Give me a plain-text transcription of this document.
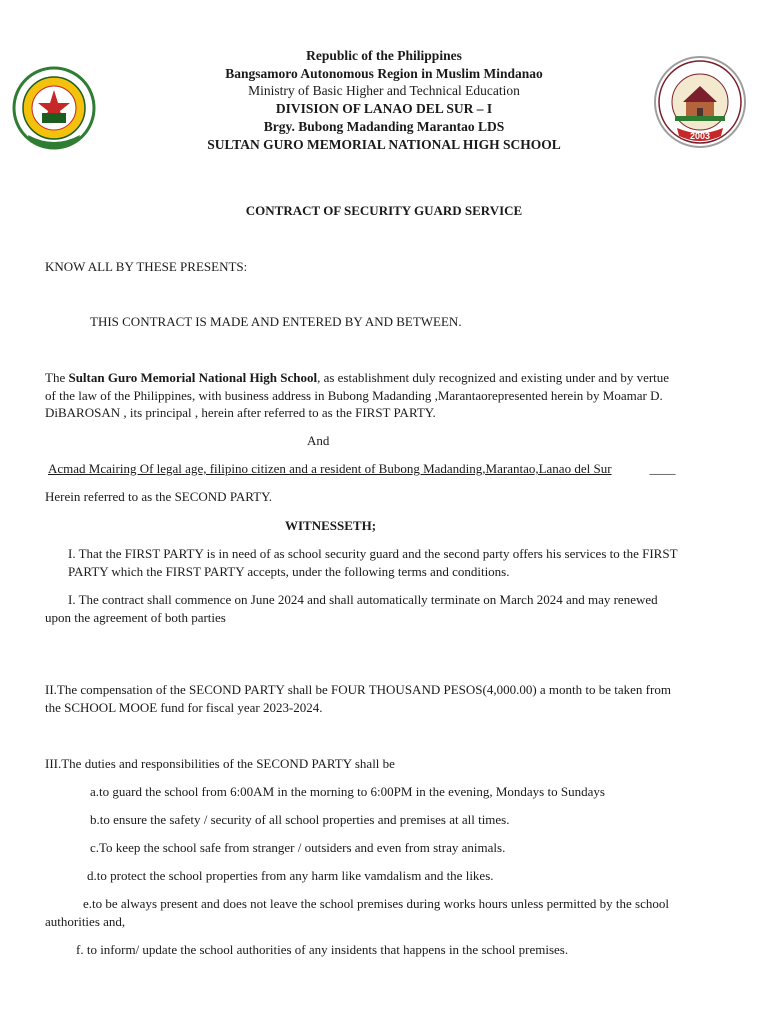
2003
Republic of the Philippines
Bangsamoro Autonomous Region in Muslim Mindanao
Ministry of Basic Higher and Technical Education
DIVISION OF LANAO DEL SUR – I
Brgy. Bubong Madanding Marantao LDS
SULTAN GURO MEMORIAL NATIONAL HIGH SCHOOL
CONTRACT OF SECURITY GUARD SERVICE
KNOW ALL BY THESE PRESENTS:
THIS CONTRACT IS MADE AND ENTERED BY AND BETWEEN.
The Sultan Guro Memorial National High School, as establishment duly recognized and existing under and by vertue
of the law of the Philippines, with business address in Bubong Madanding ,Marantaorepresented herein by Moamar D.
DiBAROSAN , its principal , herein after referred to as the FIRST PARTY.
And
Acmad Mcairing Of legal age, filipino citizen and a resident of Bubong Madanding,Marantao,Lanao del Sur	____
Herein referred to as the SECOND PARTY.
WITNESSETH;
I. That the FIRST PARTY is in need of as school security guard and the second party offers his services to the FIRST
PARTY which the FIRST PARTY accepts, under the following terms and conditions.
I. The contract shall commence on June 2024 and shall automatically terminate on March 2024 and may renewed
upon the agreement of both parties
II.The compensation of the SECOND PARTY shall be FOUR THOUSAND PESOS(4,000.00) a month to be taken from
the SCHOOL MOOE fund for fiscal year 2023-2024.
III.The duties and responsibilities of the SECOND PARTY shall be
a.to guard the school from 6:00AM in the morning to 6:00PM in the evening, Mondays to Sundays
b.to ensure the safety / security of all school properties and premises at all times.
c.To keep the school safe from stranger / outsiders and even from stray animals.
d.to protect the school properties from any harm like vamdalism and the likes.
e.to be always present and does not leave the school premises during works hours unless permitted by the school
authorities and,
f. to inform/ update the school authorities of any insidents that happens in the school premises.
